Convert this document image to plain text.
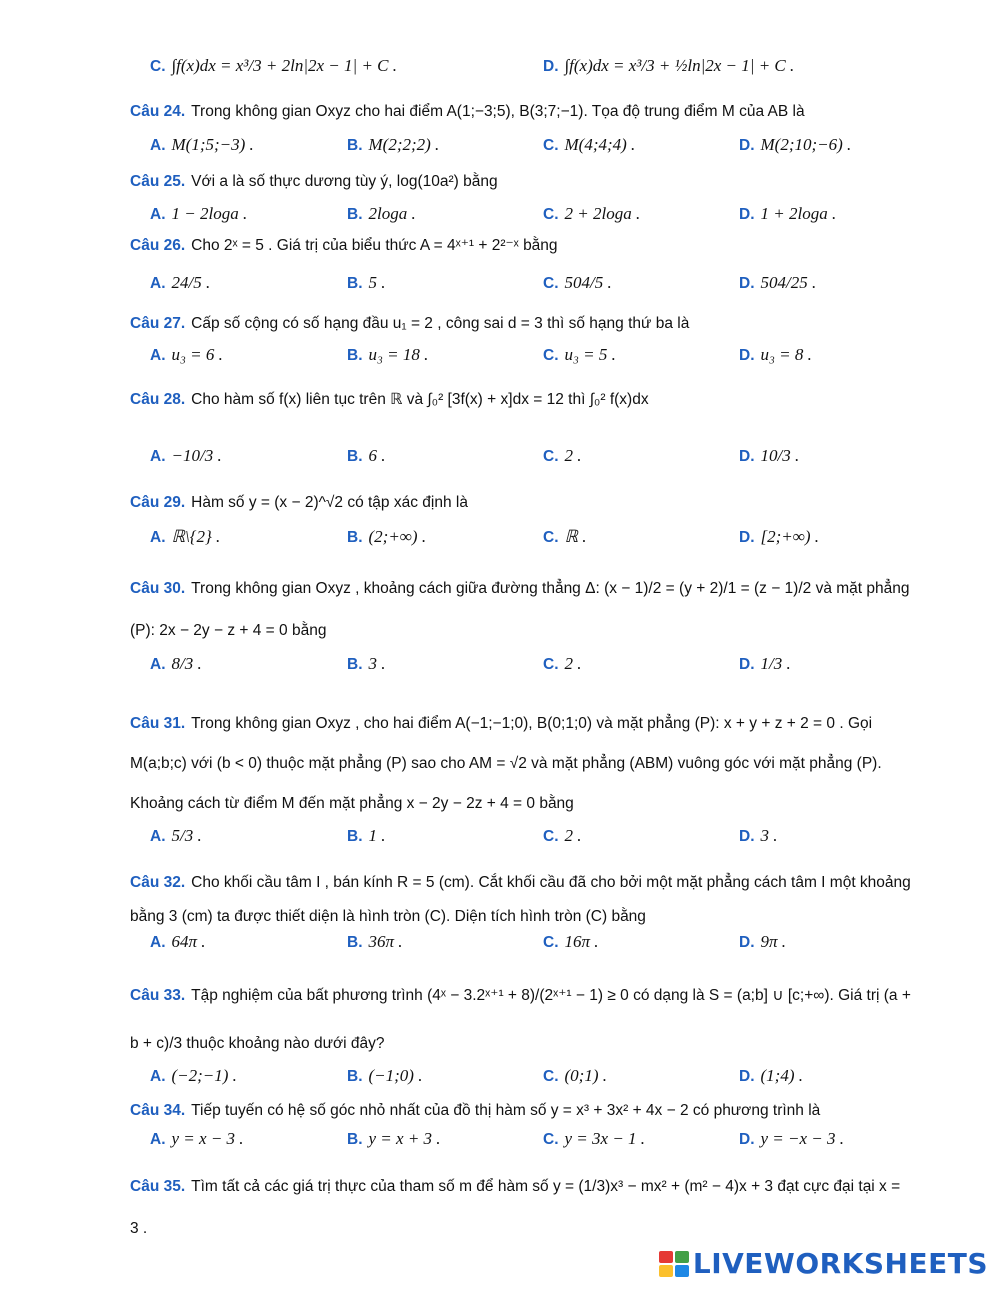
C. ∫f(x)dx = x³/3 + 2ln|2x − 1| + C .	D. ∫f(x)dx = x³/3 + ½ln|2x − 1| + C .
Câu 24. Trong không gian Oxyz cho hai điểm A(1;−3;5), B(3;7;−1). Tọa độ trung điểm M của AB là
A. M(1;5;−3) .	B. M(2;2;2) .	C. M(4;4;4) .	D. M(2;10;−6) .
Câu 25. Với a là số thực dương tùy ý, log(10a²) bằng
A. 1 − 2loga .	B. 2loga .	C. 2 + 2loga .	D. 1 + 2loga .
Câu 26. Cho 2ˣ = 5 . Giá trị của biểu thức A = 4ˣ⁺¹ + 2²⁻ˣ bằng
A. 24/5 .	B. 5 .	C. 504/5 .	D. 504/25 .
Câu 27. Cấp số cộng có số hạng đầu u₁ = 2 , công sai d = 3 thì số hạng thứ ba là
A. u₃ = 6 .	B. u₃ = 18 .	C. u₃ = 5 .	D. u₃ = 8 .
Câu 28. Cho hàm số f(x) liên tục trên ℝ và ∫₀² [3f(x) + x]dx = 12 thì ∫₀² f(x)dx
A. −10/3 .	B. 6 .	C. 2 .	D. 10/3 .
Câu 29. Hàm số y = (x − 2)^√2 có tập xác định là
A. ℝ\{2} .	B. (2;+∞) .	C. ℝ .	D. [2;+∞) .
Câu 30. Trong không gian Oxyz , khoảng cách giữa đường thẳng Δ: (x − 1)/2 = (y + 2)/1 = (z − 1)/2 và mặt phẳng (P): 2x − 2y − z + 4 = 0 bằng
A. 8/3 .	B. 3 .	C. 2 .	D. 1/3 .
Câu 31. Trong không gian Oxyz , cho hai điểm A(−1;−1;0), B(0;1;0) và mặt phẳng (P): x + y + z + 2 = 0 . Gọi M(a;b;c) với (b < 0) thuộc mặt phẳng (P) sao cho AM = √2 và mặt phẳng (ABM) vuông góc với mặt phẳng (P). Khoảng cách từ điểm M đến mặt phẳng x − 2y − 2z + 4 = 0 bằng
A. 5/3 .	B. 1 .	C. 2 .	D. 3 .
Câu 32. Cho khối cầu tâm I , bán kính R = 5 (cm). Cắt khối cầu đã cho bởi một mặt phẳng cách tâm I một khoảng bằng 3 (cm) ta được thiết diện là hình tròn (C). Diện tích hình tròn (C) bằng
A. 64π .	B. 36π .	C. 16π .	D. 9π .
Câu 33. Tập nghiệm của bất phương trình (4ˣ − 3.2ˣ⁺¹ + 8)/(2ˣ⁺¹ − 1) ≥ 0 có dạng là S = (a;b] ∪ [c;+∞). Giá trị (a + b + c)/3 thuộc khoảng nào dưới đây?
A. (−2;−1) .	B. (−1;0) .	C. (0;1) .	D. (1;4) .
Câu 34. Tiếp tuyến có hệ số góc nhỏ nhất của đồ thị hàm số y = x³ + 3x² + 4x − 2 có phương trình là
A. y = x − 3 .	B. y = x + 3 .	C. y = 3x − 1 .	D. y = −x − 3 .
Câu 35. Tìm tất cả các giá trị thực của tham số m để hàm số y = (1/3)x³ − mx² + (m² − 4)x + 3 đạt cực đại tại x = 3 .
LIVEWORKSHEETS
